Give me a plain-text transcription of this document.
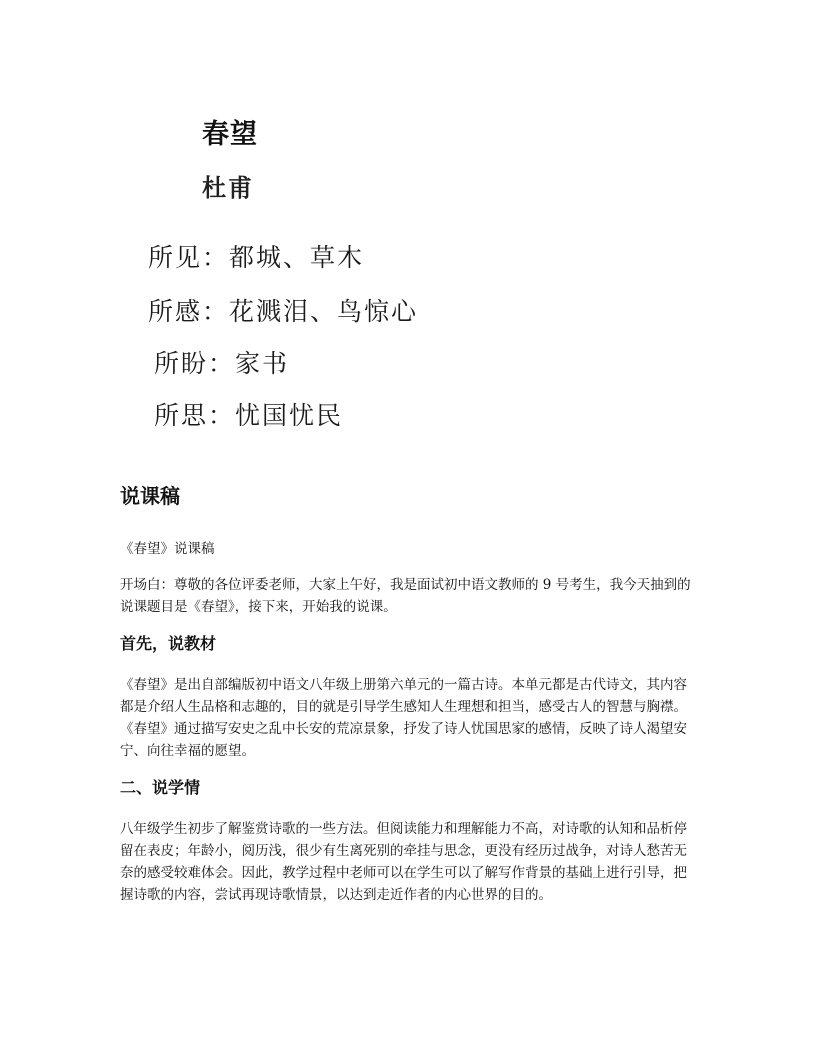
春望
杜甫
所见：都城、草木
所感：花溅泪、鸟惊心
所盼：家书
所思：忧国忧民
说课稿

《春望》说课稿

开场白：尊敬的各位评委老师，大家上午好，我是面试初中语文教师的 9 号考生，我今天抽到的说课题目是《春望》，接下来，开始我的说课。

首先，说教材

《春望》是出自部编版初中语文八年级上册第六单元的一篇古诗。本单元都是古代诗文，其内容都是介绍人生品格和志趣的，目的就是引导学生感知人生理想和担当，感受古人的智慧与胸襟。《春望》通过描写安史之乱中长安的荒凉景象，抒发了诗人忧国思家的感情，反映了诗人渴望安宁、向往幸福的愿望。

二、说学情

八年级学生初步了解鉴赏诗歌的一些方法。但阅读能力和理解能力不高，对诗歌的认知和品析停留在表皮；年龄小，阅历浅，很少有生离死别的牵挂与思念，更没有经历过战争，对诗人愁苦无奈的感受较难体会。因此，教学过程中老师可以在学生可以了解写作背景的基础上进行引导，把握诗歌的内容，尝试再现诗歌情景，以达到走近作者的内心世界的目的。
